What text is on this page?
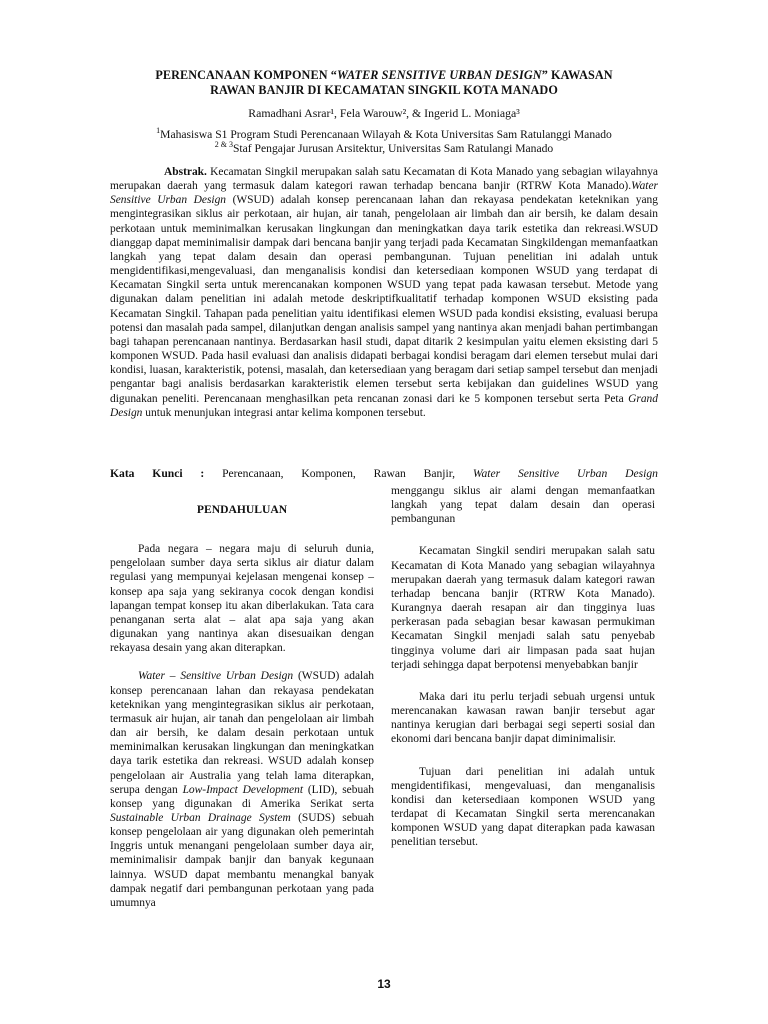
PERENCANAAN KOMPONEN “WATER SENSITIVE URBAN DESIGN” KAWASAN
RAWAN BANJIR DI KECAMATAN SINGKIL KOTA MANADO
Ramadhani Asrar¹, Fela Warouw², & Ingerid L. Moniaga³

$^1$Mahasiswa S1 Program Studi Perencanaan Wilayah & Kota Universitas Sam Ratulanggi Manado

$^{2 \& 3}$Staf Pengajar Jurusan Arsitektur, Universitas Sam Ratulangi Manado

Abstrak. Kecamatan Singkil merupakan salah satu Kecamatan di Kota Manado yang sebagian wilayahnya merupakan daerah yang termasuk dalam kategori rawan terhadap bencana banjir (RTRW Kota Manado).Water Sensitive Urban Design (WSUD) adalah konsep perencanaan lahan dan rekayasa pendekatan keteknikan yang mengintegrasikan siklus air perkotaan, air hujan, air tanah, pengelolaan air limbah dan air bersih, ke dalam desain perkotaan untuk meminimalkan kerusakan lingkungan dan meningkatkan daya tarik estetika dan rekreasi.WSUD dianggap dapat meminimalisir dampak dari bencana banjir yang terjadi pada Kecamatan Singkildengan memanfaatkan langkah yang tepat dalam desain dan operasi pembangunan. Tujuan penelitian ini adalah untuk mengidentifikasi,mengevaluasi, dan menganalisis kondisi dan ketersediaan komponen WSUD yang terdapat di Kecamatan Singkil serta untuk merencanakan komponen WSUD yang tepat pada kawasan tersebut. Metode yang digunakan dalam penelitian ini adalah metode deskriptifkualitatif terhadap komponen WSUD eksisting pada Kecamatan Singkil. Tahapan pada penelitian yaitu identifikasi elemen WSUD pada kondisi eksisting, evaluasi berupa potensi dan masalah pada sampel, dilanjutkan dengan analisis sampel yang nantinya akan menjadi bahan pertimbangan bagi tahapan perencanaan nantinya. Berdasarkan hasil studi, dapat ditarik 2 kesimpulan yaitu elemen eksisting dari 5 komponen WSUD. Pada hasil evaluasi dan analisis didapati berbagai kondisi beragam dari elemen tersebut mulai dari kondisi, luasan, karakteristik, potensi, masalah, dan ketersediaan yang beragam dari setiap sampel tersebut dan menjadi pengantar bagi analisis berdasarkan karakteristik elemen tersebut serta kebijakan dan guidelines WSUD yang digunakan peneliti. Perencanaan menghasilkan peta rencanan zonasi dari ke 5 komponen tersebut serta Peta Grand Design untuk menunjukan integrasi antar kelima komponen tersebut.

Kata Kunci : Perencanaan, Komponen, Rawan Banjir, Water Sensitive Urban Design
PENDAHULUAN

Pada negara – negara maju di seluruh dunia, pengelolaan sumber daya serta siklus air diatur dalam regulasi yang mempunyai kejelasan mengenai konsep – konsep apa saja yang sekiranya cocok dengan kondisi lapangan tempat konsep itu akan diberlakukan. Tata cara penanganan serta alat – alat apa saja yang akan digunakan yang nantinya akan disesuaikan dengan rekayasa desain yang akan diterapkan.

Water – Sensitive Urban Design (WSUD) adalah konsep perencanaan lahan dan rekayasa pendekatan keteknikan yang mengintegrasikan siklus air perkotaan, termasuk air hujan, air tanah dan pengelolaan air limbah dan air bersih, ke dalam desain perkotaan untuk meminimalkan kerusakan lingkungan dan meningkatkan daya tarik estetika dan rekreasi. WSUD adalah konsep pengelolaan air Australia yang telah lama diterapkan, serupa dengan Low-Impact Development (LID), sebuah konsep yang digunakan di Amerika Serikat serta Sustainable Urban Drainage System (SUDS) sebuah konsep pengelolaan air yang digunakan oleh pemerintah Inggris untuk menangani pengelolaan sumber daya air, meminimalisir dampak banjir dan banyak kegunaan lainnya. WSUD dapat membantu menangkal banyak dampak negatif dari pembangunan perkotaan yang pada umumnya

menggangu siklus air alami dengan memanfaatkan langkah yang tepat dalam desain dan operasi pembangunan

Kecamatan Singkil sendiri merupakan salah satu Kecamatan di Kota Manado yang sebagian wilayahnya merupakan daerah yang termasuk dalam kategori rawan terhadap bencana banjir (RTRW Kota Manado). Kurangnya daerah resapan air dan tingginya luas perkerasan pada sebagian besar kawasan permukiman Kecamatan Singkil menjadi salah satu penyebab tingginya volume dari air limpasan pada saat hujan terjadi sehingga dapat berpotensi menyebabkan banjir

Maka dari itu perlu terjadi sebuah urgensi untuk merencanakan kawasan rawan banjir tersebut agar nantinya kerugian dari berbagai segi seperti sosial dan ekonomi dari bencana banjir dapat diminimalisir.

Tujuan dari penelitian ini adalah untuk mengidentifikasi, mengevaluasi, dan menganalisis kondisi dan ketersediaan komponen WSUD yang terdapat di Kecamatan Singkil serta merencanakan komponen WSUD yang dapat diterapkan pada kawasan penelitian tersebut.

13
